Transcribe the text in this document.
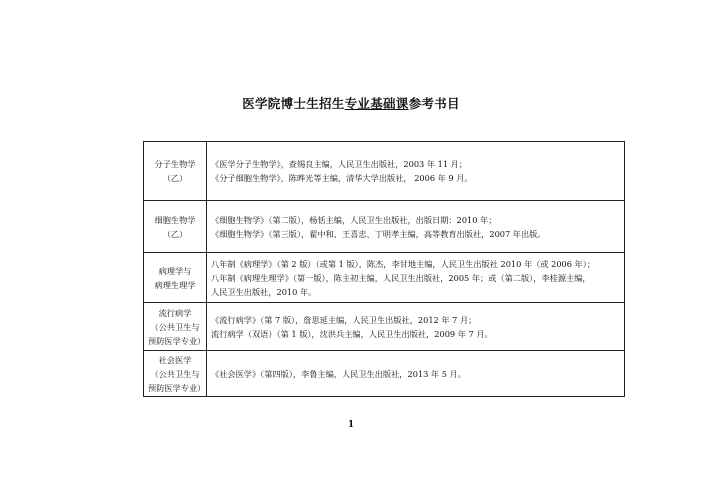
医学院博士生招生专业基础课参考书目
分子生物学
（乙）	《医学分子生物学》，查锡良主编，人民卫生出版社，2003 年 11 月；
《分子细胞生物学》，陈晔光等主编，清华大学出版社， 2006 年 9 月。

细胞生物学
（乙）	《细胞生物学》（第二版），杨恬主编，人民卫生出版社，出版日期：2010 年；
《细胞生物学》（第三版），翟中和、王喜忠、丁明孝主编，高等教育出版社，2007 年出版。

病理学与
病理生理学	八年制《病理学》（第 2 版）（或第 1 版），陈杰，李甘地主编，人民卫生出版社 2010 年（或 2006 年）；
八年制《病理生理学》（第一版），陈主初主编，人民卫生出版社，2005 年；或（第二版），李桂源主编，
人民卫生出版社，2010 年。

流行病学
（公共卫生与
预防医学专业）	《流行病学》（第 7 版），詹思延主编，人民卫生出版社，2012 年 7 月；
流行病学（双语）（第 1 版），沈洪兵主编，人民卫生出版社，2009 年 7 月。

社会医学
（公共卫生与
预防医学专业）	《社会医学》（第四版），李鲁主编，人民卫生出版社，2013 年 5 月。
1
